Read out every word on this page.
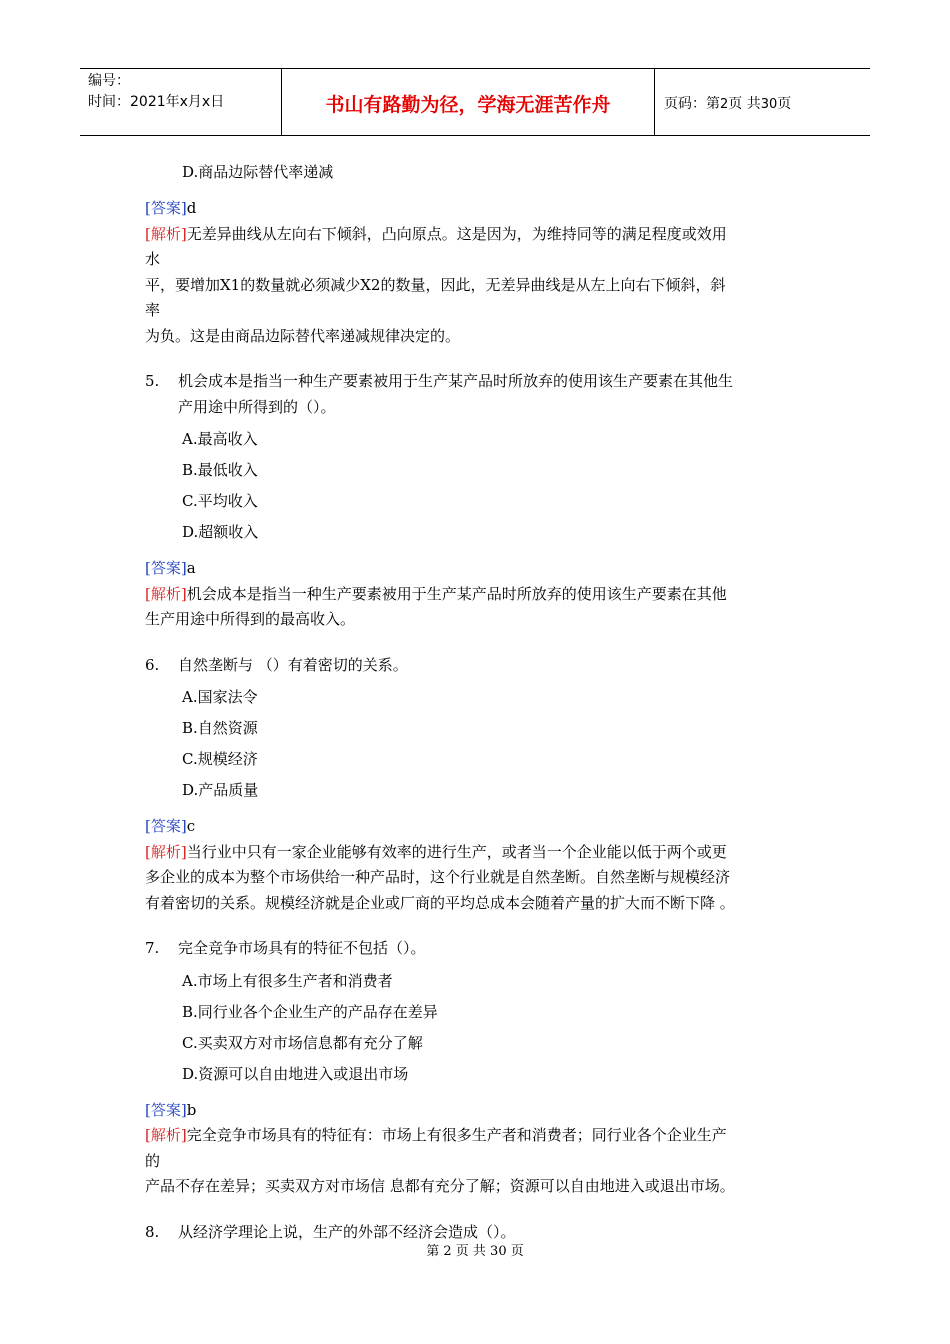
编号：
时间：2021年x月x日	书山有路勤为径，学海无涯苦作舟	页码：第2页 共30页
D.商品边际替代率递减
[答案]d
[解析]无差异曲线从左向右下倾斜，凸向原点。这是因为，为维持同等的满足程度或效用
水
平，要增加X1的数量就必须减少X2的数量，因此，无差异曲线是从左上向右下倾斜，斜
率
为负。这是由商品边际替代率递减规律决定的。
5. 机会成本是指当一种生产要素被用于生产某产品时所放弃的使用该生产要素在其他生
产用途中所得到的（）。
A.最高收入
B.最低收入
C.平均收入
D.超额收入
[答案]a
[解析]机会成本是指当一种生产要素被用于生产某产品时所放弃的使用该生产要素在其他
生产用途中所得到的最高收入。
6. 自然垄断与 （）有着密切的关系。
A.国家法令
B.自然资源
C.规模经济
D.产品质量
[答案]c
[解析]当行业中只有一家企业能够有效率的进行生产，或者当一个企业能以低于两个或更
多企业的成本为整个市场供给一种产品时，这个行业就是自然垄断。自然垄断与规模经济
有着密切的关系。规模经济就是企业或厂商的平均总成本会随着产量的扩大而不断下降 。
7. 完全竞争市场具有的特征不包括（）。
A.市场上有很多生产者和消费者
B.同行业各个企业生产的产品存在差异
C.买卖双方对市场信息都有充分了解
D.资源可以自由地进入或退出市场
[答案]b
[解析]完全竞争市场具有的特征有：市场上有很多生产者和消费者；同行业各个企业生产
的
产品不存在差异；买卖双方对市场信 息都有充分了解；资源可以自由地进入或退出市场。
8. 从经济学理论上说，生产的外部不经济会造成（）。
第 2 页 共 30 页
